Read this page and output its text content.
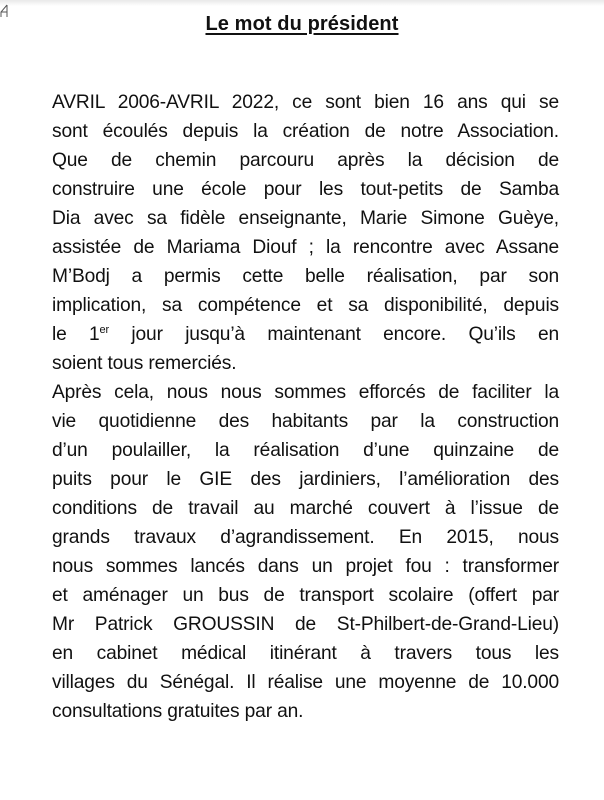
Le mot du président
AVRIL 2006-AVRIL 2022, ce sont bien 16 ans qui se
sont écoulés depuis la création de notre Association.
Que de chemin parcouru après la décision de
construire une école pour les tout-petits de Samba
Dia avec sa fidèle enseignante, Marie Simone Guèye,
assistée de Mariama Diouf ; la rencontre avec Assane
M’Bodj a permis cette belle réalisation, par son
implication, sa compétence et sa disponibilité, depuis
le 1er jour jusqu’à maintenant encore. Qu’ils en
soient tous remerciés.
Après cela, nous nous sommes efforcés de faciliter la
vie quotidienne des habitants par la construction
d’un poulailler, la réalisation d’une quinzaine de
puits pour le GIE des jardiniers, l’amélioration des
conditions de travail au marché couvert à l’issue de
grands travaux d’agrandissement. En 2015, nous
nous sommes lancés dans un projet fou : transformer
et aménager un bus de transport scolaire (offert par
Mr Patrick GROUSSIN de St-Philbert-de-Grand-Lieu)
en cabinet médical itinérant à travers tous les
villages du Sénégal. Il réalise une moyenne de 10.000
consultations gratuites par an.
